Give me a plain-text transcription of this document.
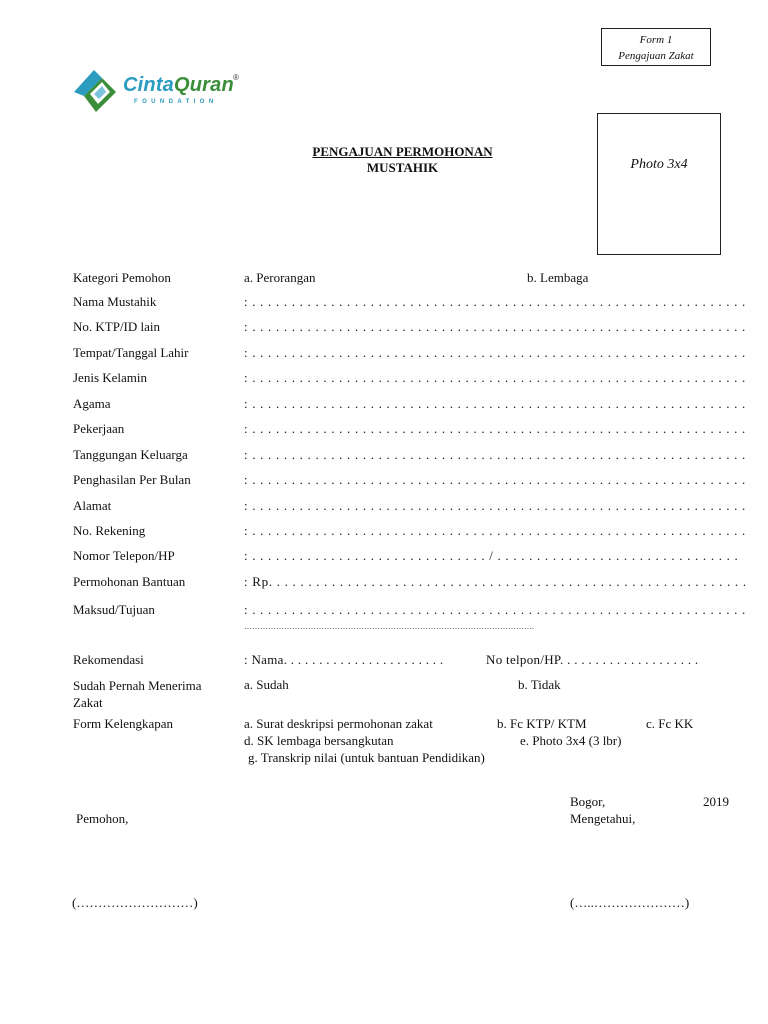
Form 1
Pengajuan Zakat
CintaQuran ®
FOUNDATION
PENGAJUAN PERMOHONAN
MUSTAHIK	Photo 3x4
Kategori Pemohon	a. Perorangan	b. Lembaga
Nama Mustahik	: . . . . . . . . . . . . . . . . . . . . . . . . . . . . . . . . . . . . . . . . . . . . . . . . . . . . . . . . . . . . . . .
No. KTP/ID lain	: . . . . . . . . . . . . . . . . . . . . . . . . . . . . . . . . . . . . . . . . . . . . . . . . . . . . . . . . . . . . . . .
Tempat/Tanggal Lahir	: . . . . . . . . . . . . . . . . . . . . . . . . . . . . . . . . . . . . . . . . . . . . . . . . . . . . . . . . . . . . . . .
Jenis Kelamin	: . . . . . . . . . . . . . . . . . . . . . . . . . . . . . . . . . . . . . . . . . . . . . . . . . . . . . . . . . . . . . . .
Agama	: . . . . . . . . . . . . . . . . . . . . . . . . . . . . . . . . . . . . . . . . . . . . . . . . . . . . . . . . . . . . . . .
Pekerjaan	: . . . . . . . . . . . . . . . . . . . . . . . . . . . . . . . . . . . . . . . . . . . . . . . . . . . . . . . . . . . . . . .
Tanggungan Keluarga	: . . . . . . . . . . . . . . . . . . . . . . . . . . . . . . . . . . . . . . . . . . . . . . . . . . . . . . . . . . . . . . .
Penghasilan Per Bulan	: . . . . . . . . . . . . . . . . . . . . . . . . . . . . . . . . . . . . . . . . . . . . . . . . . . . . . . . . . . . . . . .
Alamat	: . . . . . . . . . . . . . . . . . . . . . . . . . . . . . . . . . . . . . . . . . . . . . . . . . . . . . . . . . . . . . . .
No. Rekening	: . . . . . . . . . . . . . . . . . . . . . . . . . . . . . . . . . . . . . . . . . . . . . . . . . . . . . . . . . . . . . . .
Nomor Telepon/HP	: . . . . . . . . . . . . . . . . . . . . . . . . . . . . . . / . . . . . . . . . . . . . . . . . . . . . . . . . . . . . . .
Permohonan Bantuan	: Rp. . . . . . . . . . . . . . . . . . . . . . . . . . . . . . . . . . . . . . . . . . . . . . . . . . . . . . . . . . . . .
Maksud/Tujuan	: . . . . . . . . . . . . . . . . . . . . . . . . . . . . . . . . . . . . . . . . . . . . . . . . . . . . . . . . . . . . . . .
……………………………………………………………………………………………….
Rekomendasi	: Nama. . . . . . . . . . . . . . . . . . . . . . .	No telpon/HP. . . . . . . . . . . . . . . . . . . .
Sudah Pernah Menerima
Zakat
a. Sudah	b. Tidak
Form Kelengkapan	a. Surat deskripsi permohonan zakat	b. Fc KTP/ KTM	c. Fc KK
d. SK lembaga bersangkutan	e. Photo 3x4 (3 lbr)
g. Transkrip nilai (untuk bantuan Pendidikan)
Bogor,	2019
Pemohon,	Mengetahui,
(………………………)	(…..…………………)
